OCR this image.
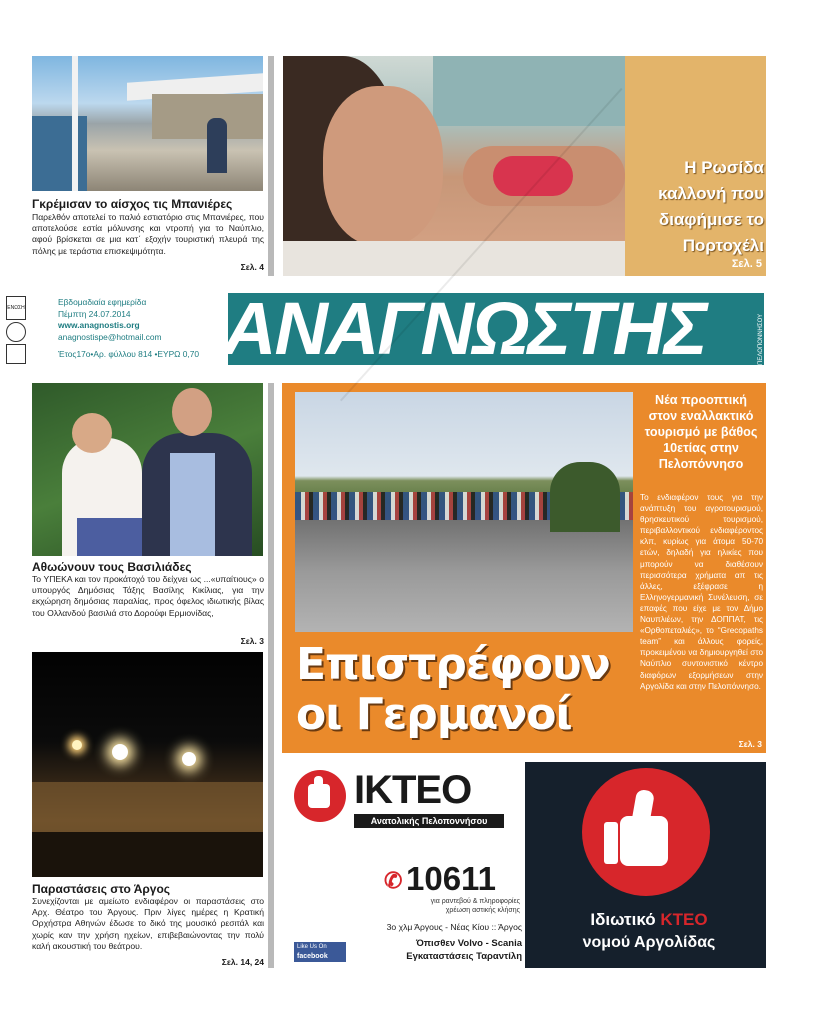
Γκρέμισαν το αίσχος τις Μπανιέρες
Παρελθόν αποτελεί το παλιό εστιατόριο στις Μπανιέρες, που αποτελούσε εστία μόλυνσης και ντροπή για το Ναύπλιο, αφού βρίσκεται σε μια κατ΄ εξοχήν τουριστική πλευρά της πόλης με τεράστια επισκεψιμότητα.
Σελ. 4
Η Ρωσίδα καλλονή που διαφήμισε το Πορτοχέλι
Σελ. 5
ΕΝΩΣΗ
Εβδομαδιαία εφημερίδα
Πέμπτη 24.07.2014
www.anagnostis.org
anagnostispe@hotmail.com
Έτος17ο•Αρ. φύλλου 814 •ΕΥΡΩ 0,70 ΑΝΑΓΝΩΣΤΗΣ	ΠΕΛΟΠΟΝΝΗΣΟΥ
Αθωώνουν τους Βασιλιάδες
Το ΥΠΕΚΑ και τον προκάτοχό του δείχνει ως ...«υπαίτιους» ο υπουργός Δημόσιας Τάξης Βασίλης Κικίλιας, για την εκχώρηση δημόσιας παραλίας, προς όφελος ιδιωτικής βίλας του Ολλανδού βασιλιά στο Δορούφι Ερμιονίδας,
Σελ. 3
Παραστάσεις στο Άργος
Συνεχίζονται με αμείωτο ενδιαφέρον οι παραστάσεις στο Αρχ. Θέατρο του Άργους. Πριν λίγες ημέρες η Κρατική Ορχήστρα Αθηνών έδωσε το δικό της μουσικό ρεσιτάλ και χωρίς καν την χρήση ηχείων, επιβεβαιώνοντας την πολύ καλή ακουστική του θεάτρου.
Σελ. 14, 24
Νέα προοπτική στον εναλλακτικό τουρισμό με βάθος 10ετίας στην Πελοπόννησο
Το ενδιαφέρον τους για την ανάπτυξη του αγροτουρισμού, θρησκευτικού τουρισμού, περιβαλλοντικού ενδιαφέροντος κλπ, κυρίως για άτομα 50-70 ετών, δηλαδή για ηλικίες που μπορούν να διαθέσουν περισσότερα χρήματα απ τις άλλες, εξέφρασε η Ελληνογερμανική Συνέλευση, σε επαφές που είχε με τον Δήμο Ναυπλιέων, την ΔΟΠΠΑΤ, τις «Ορθοπεταλιές», το “Grecopaths team” και άλλους φορείς, προκειμένου να δημιουργηθεί στο Ναύπλιο συντονιστικό κέντρο διαφόρων εξορμήσεων στην Αργολίδα και στην Πελοπόννησο.
Σελ. 3
Επιστρέφουν
οι Γερμανοί
ΙΚΤΕΟ
Ανατολικής Πελοποννήσου
✆ 10611
για ραντεβού & πληροφορίες
χρέωση αστικής κλήσης
3ο χλμ Άργους - Νέας Κίου :: Άργος
Όπισθεν Volvo - Scania
Εγκαταστάσεις Ταραντίλη
Like Us On
facebook
Ιδιωτικό ΚΤΕΟ
νομού Αργολίδας
